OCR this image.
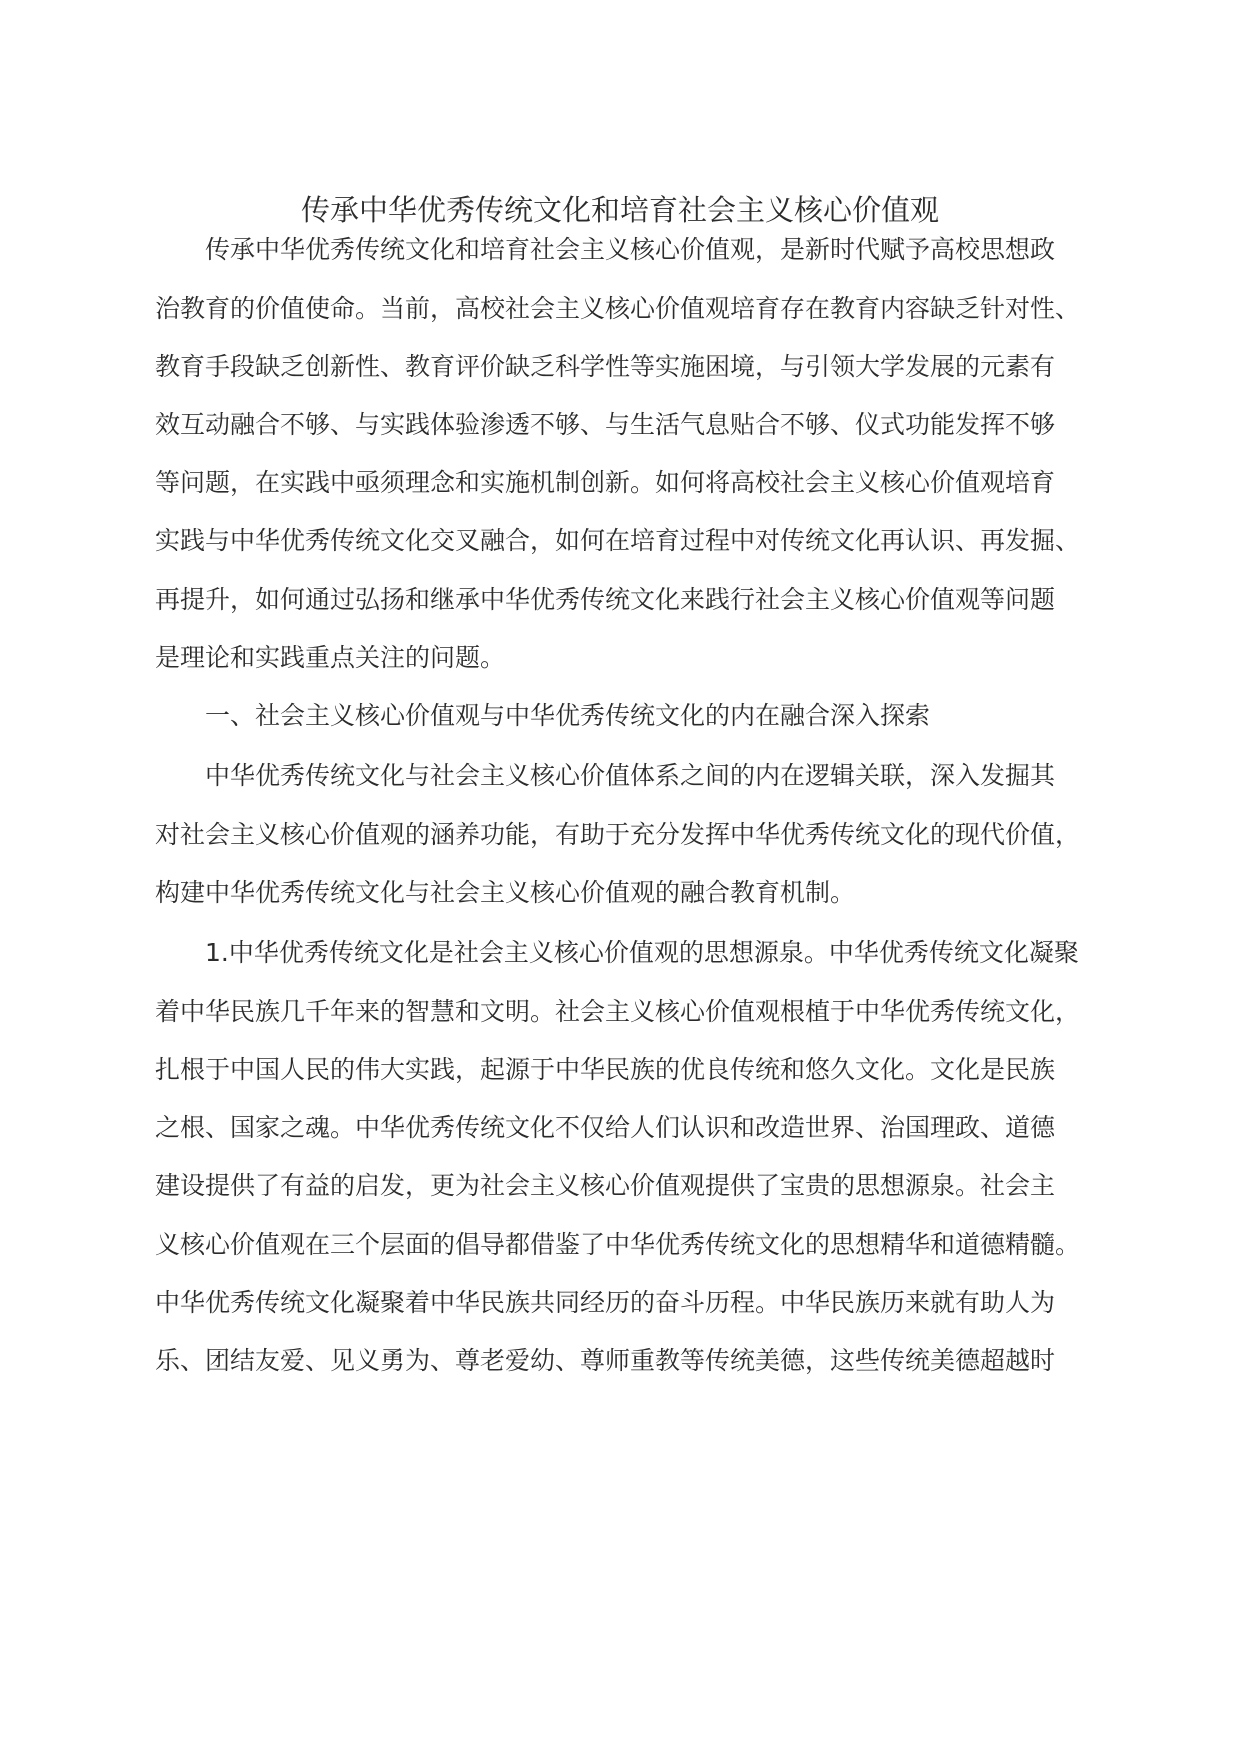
传承中华优秀传统文化和培育社会主义核心价值观
传承中华优秀传统文化和培育社会主义核心价值观，是新时代赋予高校思想政
治教育的价值使命。当前，高校社会主义核心价值观培育存在教育内容缺乏针对性、
教育手段缺乏创新性、教育评价缺乏科学性等实施困境，与引领大学发展的元素有
效互动融合不够、与实践体验渗透不够、与生活气息贴合不够、仪式功能发挥不够
等问题，在实践中亟须理念和实施机制创新。如何将高校社会主义核心价值观培育
实践与中华优秀传统文化交叉融合，如何在培育过程中对传统文化再认识、再发掘、
再提升，如何通过弘扬和继承中华优秀传统文化来践行社会主义核心价值观等问题
是理论和实践重点关注的问题。
一、社会主义核心价值观与中华优秀传统文化的内在融合深入探索
中华优秀传统文化与社会主义核心价值体系之间的内在逻辑关联，深入发掘其
对社会主义核心价值观的涵养功能，有助于充分发挥中华优秀传统文化的现代价值，
构建中华优秀传统文化与社会主义核心价值观的融合教育机制。
1.中华优秀传统文化是社会主义核心价值观的思想源泉。中华优秀传统文化凝聚
着中华民族几千年来的智慧和文明。社会主义核心价值观根植于中华优秀传统文化，
扎根于中国人民的伟大实践，起源于中华民族的优良传统和悠久文化。文化是民族
之根、国家之魂。中华优秀传统文化不仅给人们认识和改造世界、治国理政、道德
建设提供了有益的启发，更为社会主义核心价值观提供了宝贵的思想源泉。社会主
义核心价值观在三个层面的倡导都借鉴了中华优秀传统文化的思想精华和道德精髓。
中华优秀传统文化凝聚着中华民族共同经历的奋斗历程。中华民族历来就有助人为
乐、团结友爱、见义勇为、尊老爱幼、尊师重教等传统美德，这些传统美德超越时
